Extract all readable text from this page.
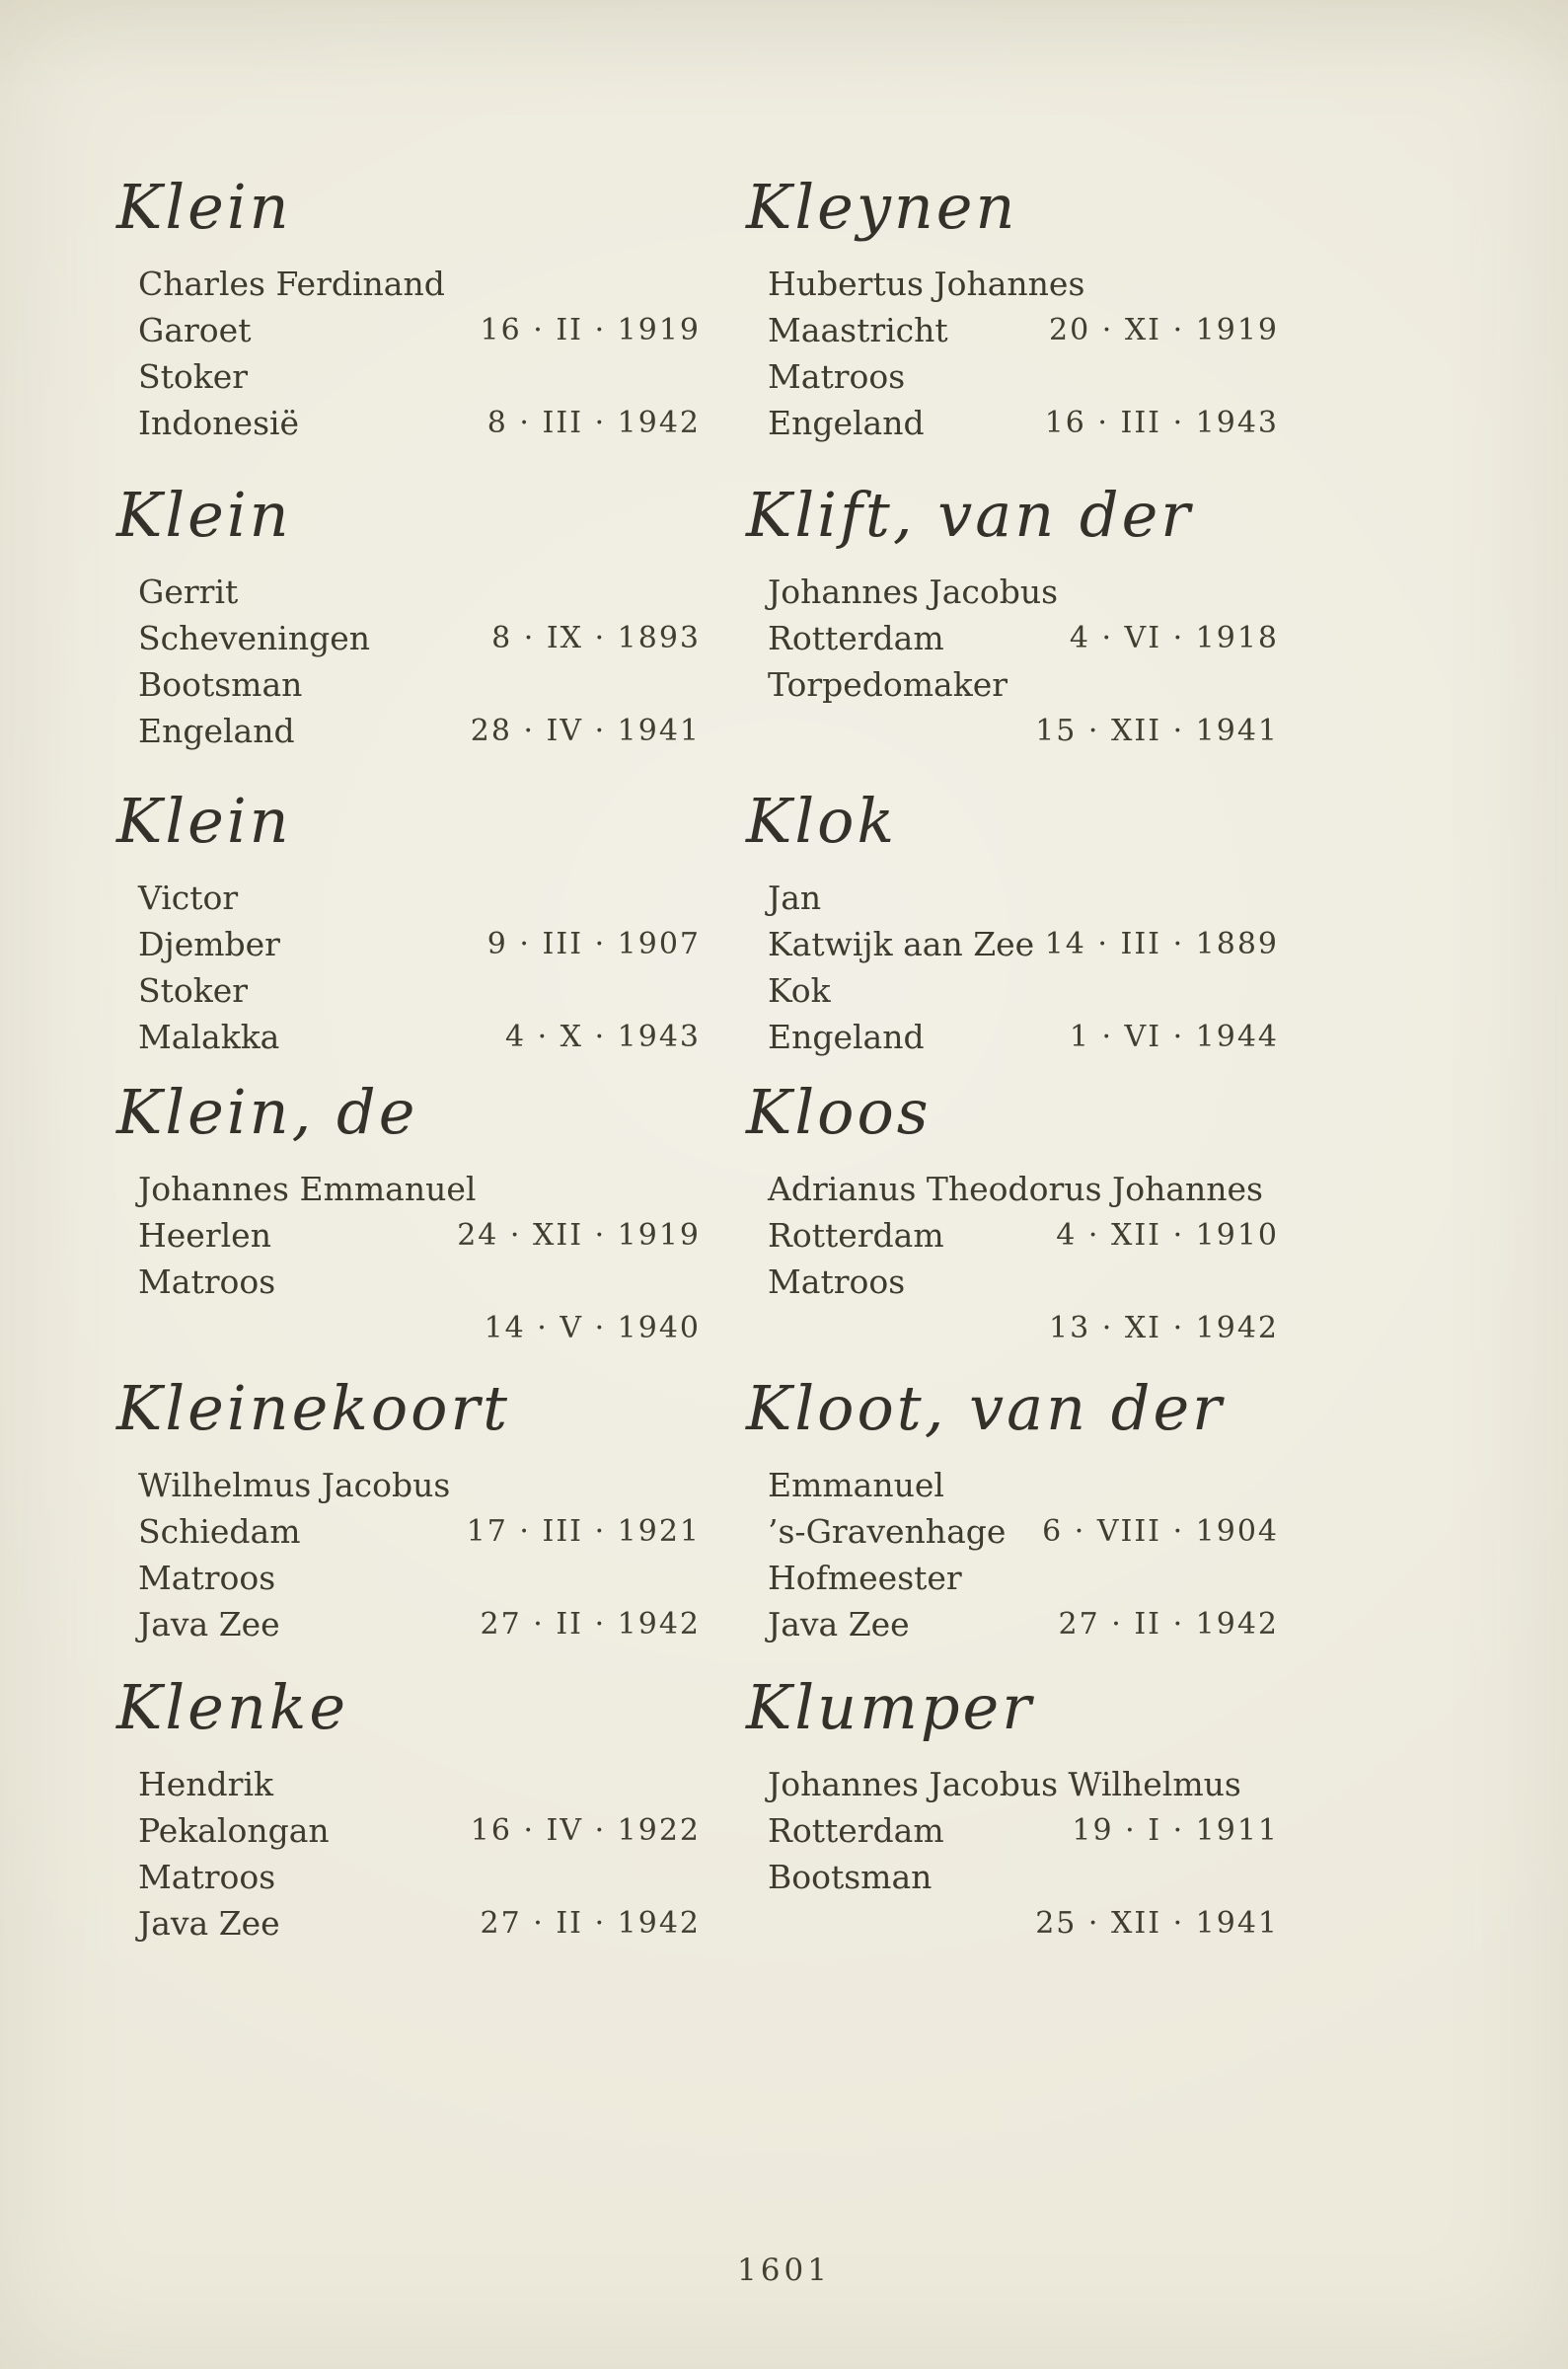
Klein
Charles Ferdinand
Garoet	16 · II · 1919
Stoker
Indonesië	8 · III · 1942
Kleynen
Hubertus Johannes
Maastricht	20 · XI · 1919
Matroos
Engeland	16 · III · 1943
Klein
Gerrit
Scheveningen	8 · IX · 1893
Bootsman
Engeland	28 · IV · 1941
Klift, van der
Johannes Jacobus
Rotterdam	4 · VI · 1918
Torpedomaker
15 · XII · 1941
Klein
Victor
Djember	9 · III · 1907
Stoker
Malakka	4 · X · 1943
Klok
Jan
Katwijk aan Zee 14 · III · 1889
Kok
Engeland	1 · VI · 1944
Klein, de
Johannes Emmanuel
Heerlen	24 · XII · 1919
Matroos
14 · V · 1940
Kloos
Adrianus Theodorus Johannes
Rotterdam	4 · XII · 1910
Matroos
13 · XI · 1942
Kleinekoort
Wilhelmus Jacobus
Schiedam	17 · III · 1921
Matroos
Java Zee	27 · II · 1942
Kloot, van der
Emmanuel
’s-Gravenhage 6 · VIII · 1904
Hofmeester
Java Zee	27 · II · 1942
Klenke
Hendrik
Pekalongan	16 · IV · 1922
Matroos
Java Zee	27 · II · 1942
Klumper
Johannes Jacobus Wilhelmus
Rotterdam	19 · I · 1911
Bootsman
25 · XII · 1941
1601
